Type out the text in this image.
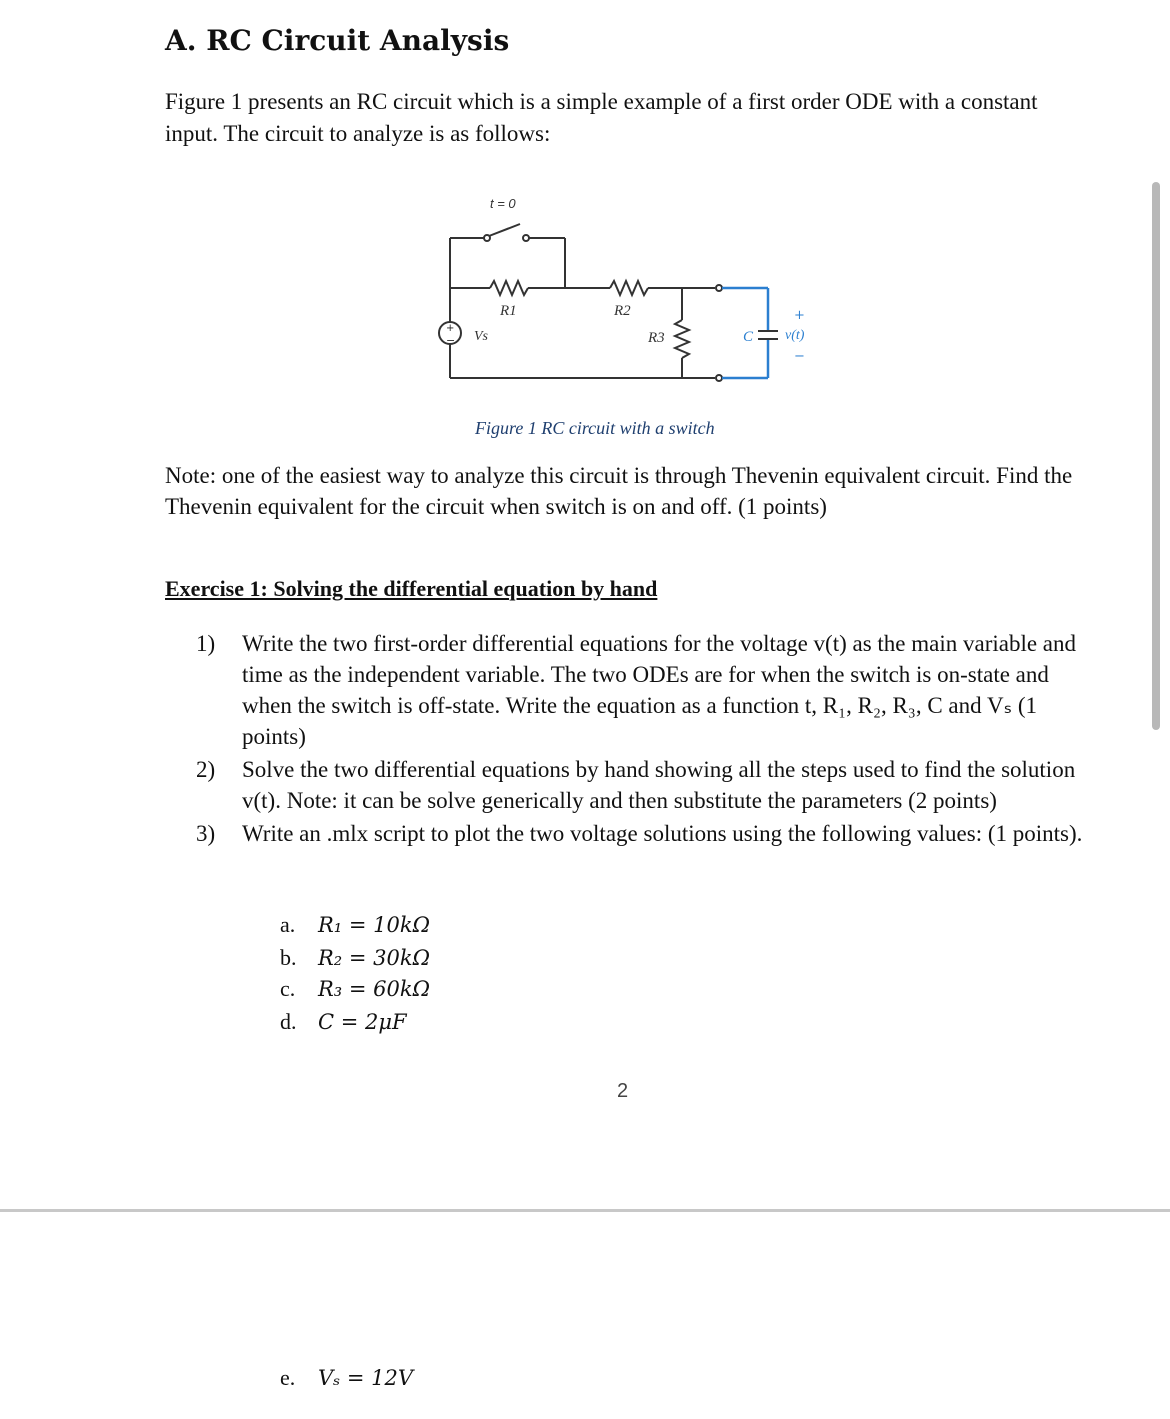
A. RC Circuit Analysis
Figure 1 presents an RC circuit which is a simple example of a first order ODE with a constant input. The circuit to analyze is as follows:
+
−
t = 0
R1	R2
R3
Vs	C v(t)
+
−
Figure 1 RC circuit with a switch
Note: one of the easiest way to analyze this circuit is through Thevenin equivalent circuit. Find the Thevenin equivalent for the circuit when switch is on and off. (1 points)
Exercise 1: Solving the differential equation by hand
1)	Write the two first-order differential equations for the voltage v(t) as the main variable and time as the independent variable. The two ODEs are for when the switch is on-state and when the switch is off-state. Write the equation as a function t, R₁, R₂, R₃, C and Vₛ (1 points)
2)	Solve the two differential equations by hand showing all the steps used to find the solution v(t). Note: it can be solve generically and then substitute the parameters (2 points)
3)	Write an .mlx script to plot the two voltage solutions using the following values: (1 points).
a. R₁ = 10kΩ
b. R₂ = 30kΩ
c. R₃ = 60kΩ
d. C = 2μF
2
e. Vₛ = 12V
